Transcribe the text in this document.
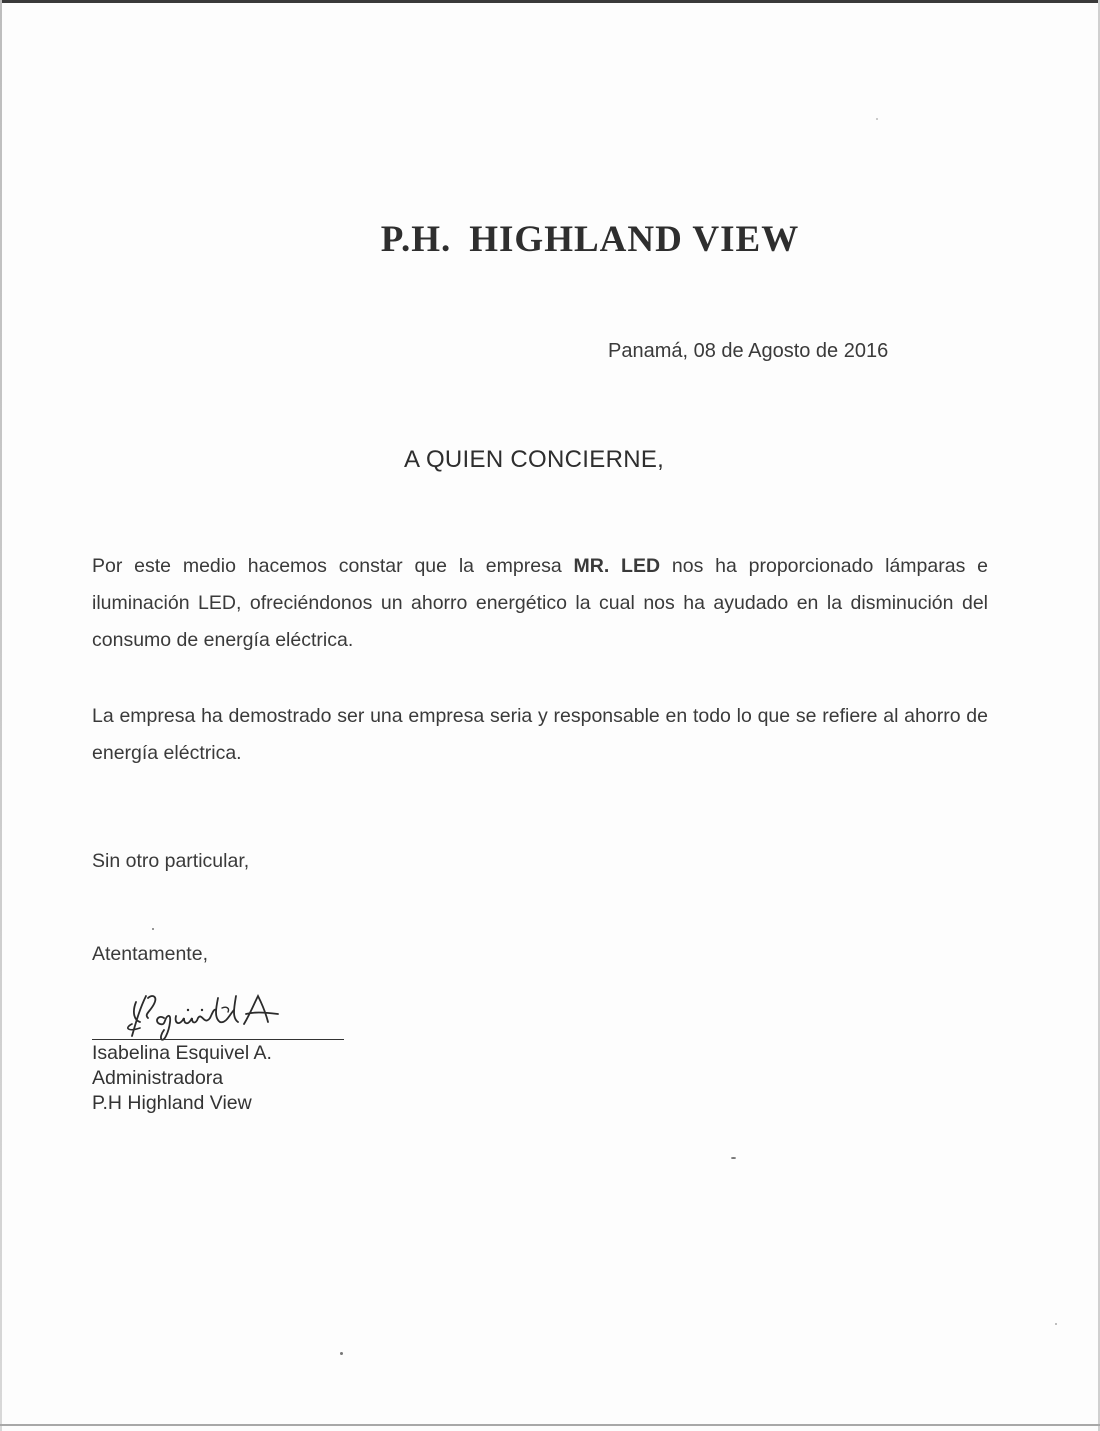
P.H. HIGHLAND VIEW
Panamá, 08 de Agosto de 2016
A QUIEN CONCIERNE,

Por este medio hacemos constar que la empresa MR. LED nos ha proporcionado lámparas e iluminación LED, ofreciéndonos un ahorro energético la cual nos ha ayudado en la disminución del consumo de energía eléctrica.

La empresa ha demostrado ser una empresa seria y responsable en todo lo que se refiere al ahorro de energía eléctrica.

Sin otro particular,
Atentamente,
Isabelina Esquivel A.
Administradora
P.H Highland View
